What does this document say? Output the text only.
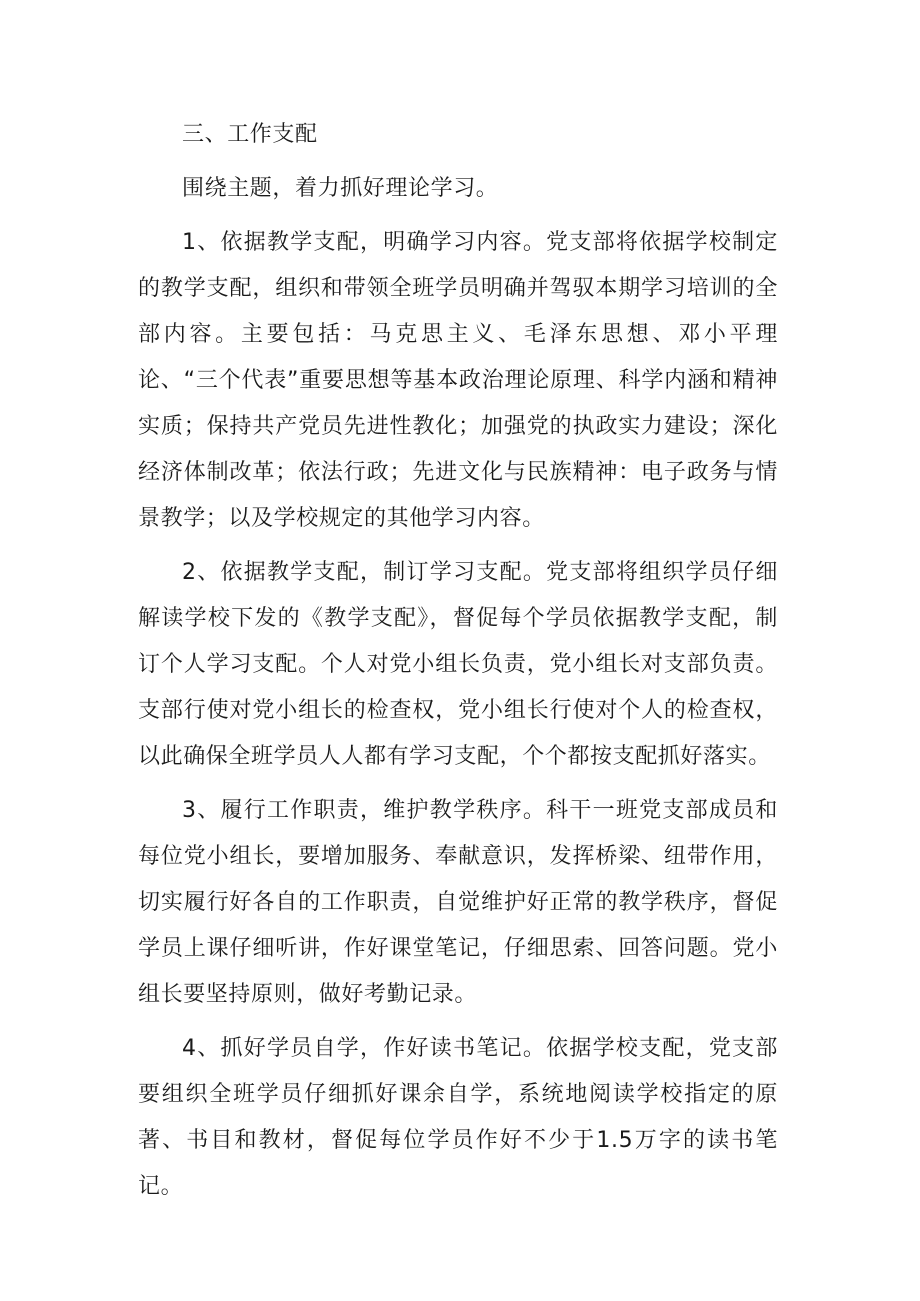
三、工作支配

围绕主题，着力抓好理论学习。

1、依据教学支配，明确学习内容。党支部将依据学校制定的教学支配，组织和带领全班学员明确并驾驭本期学习培训的全部内容。主要包括：马克思主义、毛泽东思想、邓小平理论、“三个代表”重要思想等基本政治理论原理、科学内涵和精神实质；保持共产党员先进性教化；加强党的执政实力建设；深化经济体制改革；依法行政；先进文化与民族精神：电子政务与情景教学；以及学校规定的其他学习内容。

2、依据教学支配，制订学习支配。党支部将组织学员仔细解读学校下发的《教学支配》，督促每个学员依据教学支配，制订个人学习支配。个人对党小组长负责，党小组长对支部负责。支部行使对党小组长的检查权，党小组长行使对个人的检查权，以此确保全班学员人人都有学习支配，个个都按支配抓好落实。

3、履行工作职责，维护教学秩序。科干一班党支部成员和每位党小组长，要增加服务、奉献意识，发挥桥梁、纽带作用，切实履行好各自的工作职责，自觉维护好正常的教学秩序，督促学员上课仔细听讲，作好课堂笔记，仔细思索、回答问题。党小组长要坚持原则，做好考勤记录。

4、抓好学员自学，作好读书笔记。依据学校支配，党支部要组织全班学员仔细抓好课余自学，系统地阅读学校指定的原著、书目和教材，督促每位学员作好不少于1.5万字的读书笔记。
